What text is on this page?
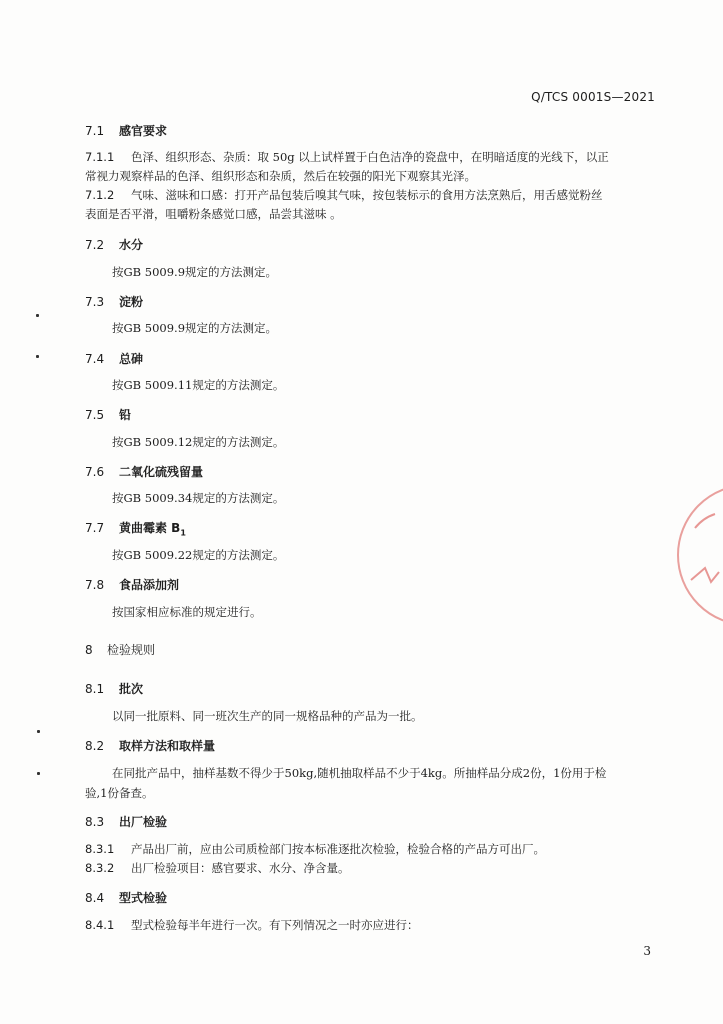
Q/TCS 0001S—2021
7.1 感官要求
7.1.1 色泽、组织形态、杂质：取 50g 以上试样置于白色洁净的瓷盘中，在明暗适度的光线下，以正
常视力观察样品的色泽、组织形态和杂质，然后在较强的阳光下观察其光泽。
7.1.2 气味、滋味和口感：打开产品包装后嗅其气味，按包装标示的食用方法烹熟后，用舌感觉粉丝
表面是否平滑，咀嚼粉条感觉口感，品尝其滋味 。
7.2 水分
按GB 5009.9规定的方法测定。
7.3 淀粉
按GB 5009.9规定的方法测定。
7.4 总砷
按GB 5009.11规定的方法测定。
7.5 铅
按GB 5009.12规定的方法测定。
7.6 二氧化硫残留量
按GB 5009.34规定的方法测定。
7.7 黄曲霉素 $B_1$
按GB 5009.22规定的方法测定。
7.8 食品添加剂
按国家相应标准的规定进行。
8 检验规则
8.1 批次
以同一批原料、同一班次生产的同一规格品种的产品为一批。
8.2 取样方法和取样量
在同批产品中，抽样基数不得少于50kg,随机抽取样品不少于4kg。所抽样品分成2份，1份用于检
验,1份备查。
8.3 出厂检验
8.3.1 产品出厂前，应由公司质检部门按本标准逐批次检验，检验合格的产品方可出厂。
8.3.2 出厂检验项目：感官要求、水分、净含量。
8.4 型式检验
8.4.1 型式检验每半年进行一次。有下列情况之一时亦应进行：
3
